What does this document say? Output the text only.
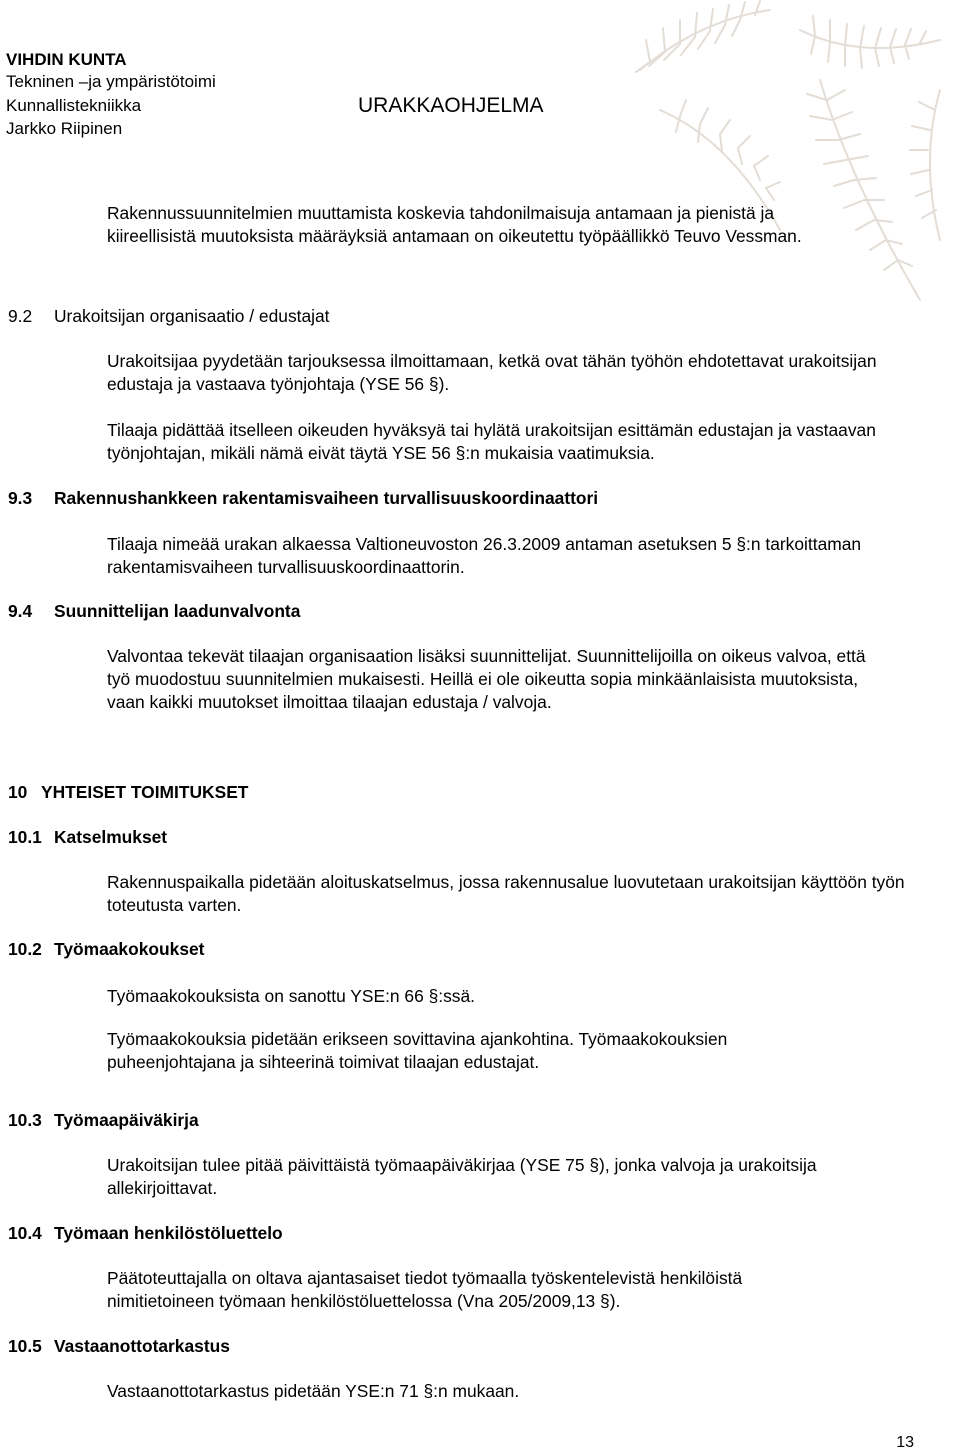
VIHDIN KUNTA
Tekninen –ja ympäristötoimi
Kunnallistekniikka
Jarkko Riipinen
URAKKAOHJELMA
Rakennussuunnitelmien muuttamista koskevia tahdonilmaisuja antamaan ja pienistä ja kiireellisistä muutoksista määräyksiä antamaan on oikeutettu työpäällikkö Teuvo Vessman.
9.2 Urakoitsijan organisaatio / edustajat
Urakoitsijaa pyydetään tarjouksessa ilmoittamaan, ketkä ovat tähän työhön ehdotettavat urakoitsijan edustaja ja vastaava työnjohtaja (YSE 56 §).
Tilaaja pidättää itselleen oikeuden hyväksyä tai hylätä urakoitsijan esittämän edustajan ja vastaavan työnjohtajan, mikäli nämä eivät täytä YSE 56 §:n mukaisia vaatimuksia.
9.3 Rakennushankkeen rakentamisvaiheen turvallisuuskoordinaattori
Tilaaja nimeää urakan alkaessa Valtioneuvoston 26.3.2009 antaman asetuksen 5 §:n tarkoittaman rakentamisvaiheen turvallisuuskoordinaattorin.
9.4 Suunnittelijan laadunvalvonta
Valvontaa tekevät tilaajan organisaation lisäksi suunnittelijat. Suunnittelijoilla on oikeus valvoa, että työ muodostuu suunnitelmien mukaisesti. Heillä ei ole oikeutta sopia minkäänlaisista muutoksista, vaan kaikki muutokset ilmoittaa tilaajan edustaja / valvoja.
10 YHTEISET TOIMITUKSET
10.1 Katselmukset
Rakennuspaikalla pidetään aloituskatselmus, jossa rakennusalue luovutetaan urakoitsijan käyttöön työn toteutusta varten.
10.2 Työmaakokoukset
Työmaakokouksista on sanottu YSE:n 66 §:ssä.
Työmaakokouksia pidetään erikseen sovittavina ajankohtina. Työmaakokouksien puheenjohtajana ja sihteerinä toimivat tilaajan edustajat.
10.3 Työmaapäiväkirja
Urakoitsijan tulee pitää päivittäistä työmaapäiväkirjaa (YSE 75 §), jonka valvoja ja urakoitsija allekirjoittavat.
10.4 Työmaan henkilöstöluettelo
Päätoteuttajalla on oltava ajantasaiset tiedot työmaalla työskentelevistä henkilöistä nimitietoineen työmaan henkilöstöluettelossa (Vna 205/2009,13 §).
10.5 Vastaanottotarkastus
Vastaanottotarkastus pidetään YSE:n 71 §:n mukaan.
13
